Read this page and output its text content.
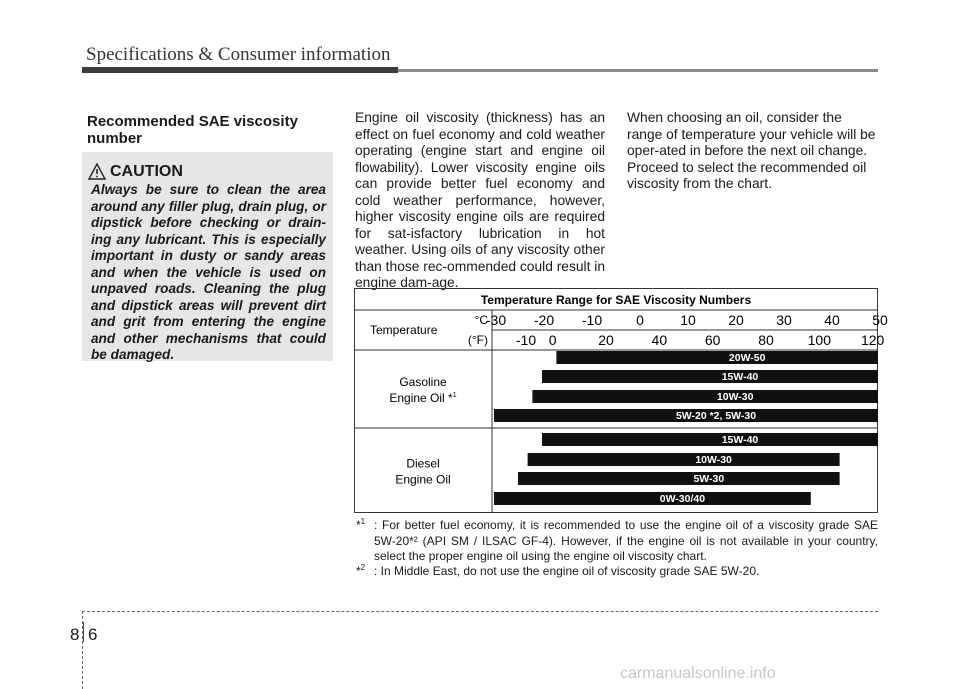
Specifications & Consumer information
Recommended SAE viscosity number
CAUTION
Always be sure to clean the area around any filler plug, drain plug, or dipstick before checking or drain-ing any lubricant. This is especially important in dusty or sandy areas and when the vehicle is used on unpaved roads. Cleaning the plug and dipstick areas will prevent dirt and grit from entering the engine and other mechanisms that could be damaged.
Engine oil viscosity (thickness) has an effect on fuel economy and cold weather operating (engine start and engine oil flowability). Lower viscosity engine oils can provide better fuel economy and cold weather performance, however, higher viscosity engine oils are required for sat-isfactory lubrication in hot weather. Using oils of any viscosity other than those rec-ommended could result in engine dam-age.
When choosing an oil, consider the range of temperature your vehicle will be oper-ated in before the next oil change. Proceed to select the recommended oil viscosity from the chart.
Temperature Range for SAE Viscosity Numbers
Temperature
°C
(°F)
-30 -20 -10 0	10 20 30 40 50
-10 0	20	40	60	80 100 120
Gasoline
Engine Oil *$^1$
20W-50
15W-40
10W-30
5W-20 *2, 5W-30
Diesel
Engine Oil
15W-40
10W-30
5W-30
0W-30/40
*$^1$ : For better fuel economy, it is recommended to use the engine oil of a viscosity grade SAE 5W-20*² (API SM / ILSAC GF-4). However, if the engine oil is not available in your country, select the proper engine oil using the engine oil viscosity chart.
*$^2$ : In Middle East, do not use the engine oil of viscosity grade SAE 5W-20.
8 6
carmanualsonline.info
